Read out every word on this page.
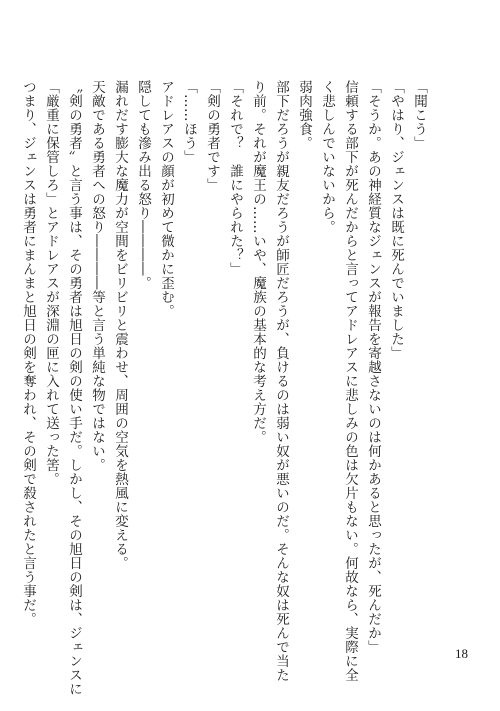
「聞こう」
「やはり、ジェンスは既に死んでいました」
「そうか。あの神経質なジェンスが報告を寄越さないのは何かあると思ったが、死んだか」
信頼する部下が死んだからと言ってアドレアスに悲しみの色は欠片もない。何故なら、実際に全
く悲しんでいないから。
弱肉強食。
部下だろうが親友だろうが師匠だろうが、負けるのは弱い奴が悪いのだ。そんな奴は死んで当た
り前。それが魔王の……いや、魔族の基本的な考え方だ。
「それで？　誰にやられた？」
「剣の勇者です」
「……ほう」
アドレアスの顔が初めて微かに歪む。
隠しても滲み出る怒り――――。
漏れだす膨大な魔力が空間をビリビリと震わせ、周囲の空気を熱風に変える。
天敵である勇者への怒り――――等と言う単純な物ではない。
〝剣の勇者〟と言う事は、その勇者は旭日の剣の使い手だ。しかし、その旭日の剣は、ジェンスに
「厳重に保管しろ」とアドレアスが深淵の匣に入れて送った筈。
つまり、ジェンスは勇者にまんまと旭日の剣を奪われ、その剣で殺されたと言う事だ。
18
